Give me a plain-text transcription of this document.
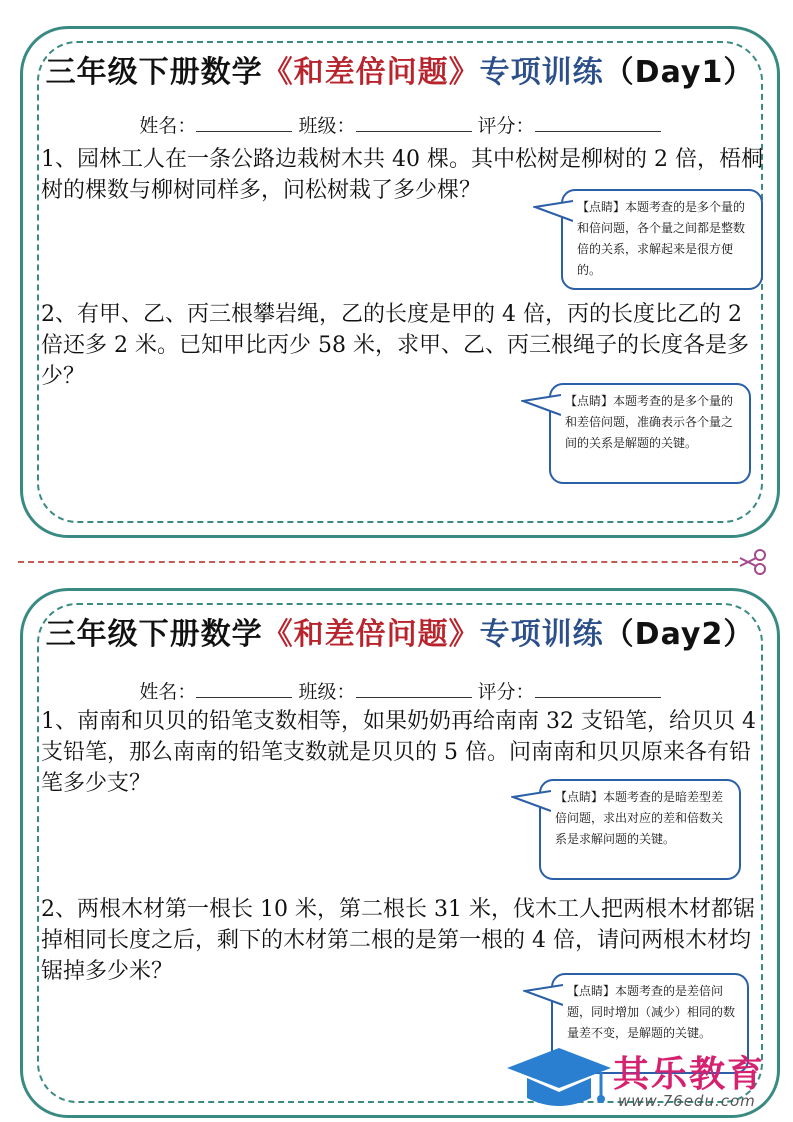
三年级下册数学《和差倍问题》专项训练（Day1）
姓名：	班级：	评分：
1、园林工人在一条公路边栽树木共 40 棵。其中松树是柳树的 2 倍，梧桐树的棵数与柳树同样多，问松树栽了多少棵？
【点睛】本题考查的是多个量的和倍问题，各个量之间都是整数倍的关系，求解起来是很方便的。
2、有甲、乙、丙三根攀岩绳，乙的长度是甲的 4 倍，丙的长度比乙的 2 倍还多 2 米。已知甲比丙少 58 米，求甲、乙、丙三根绳子的长度各是多少？
【点睛】本题考查的是多个量的和差倍问题，准确表示各个量之间的关系是解题的关键。
三年级下册数学《和差倍问题》专项训练（Day2）
姓名：	班级：	评分：
1、南南和贝贝的铅笔支数相等，如果奶奶再给南南 32 支铅笔，给贝贝 4 支铅笔，那么南南的铅笔支数就是贝贝的 5 倍。问南南和贝贝原来各有铅笔多少支？
【点睛】本题考查的是暗差型差倍问题，求出对应的差和倍数关系是求解问题的关键。
2、两根木材第一根长 10 米，第二根长 31 米，伐木工人把两根木材都锯掉相同长度之后，剩下的木材第二根的是第一根的 4 倍，请问两根木材均锯掉多少米？
【点睛】本题考查的是差倍问题，同时增加（减少）相同的数量差不变，是解题的关键。
其乐教育
www.76edu.com
